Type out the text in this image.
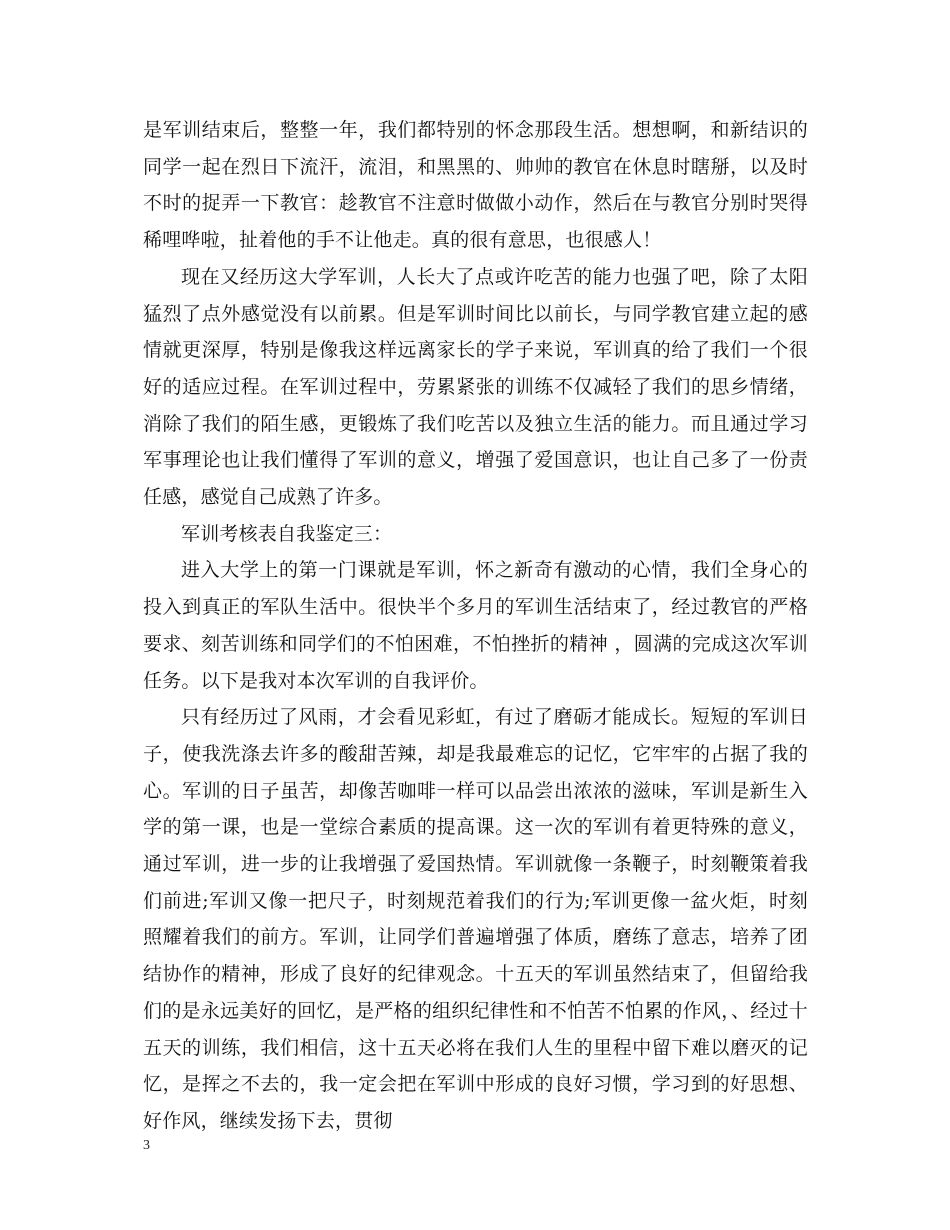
是军训结束后，整整一年，我们都特别的怀念那段生活。想想啊，和新结识的同学一起在烈日下流汗，流泪，和黑黑的、帅帅的教官在休息时瞎掰，以及时不时的捉弄一下教官：趁教官不注意时做做小动作，然后在与教官分别时哭得稀哩哗啦，扯着他的手不让他走。真的很有意思，也很感人！

现在又经历这大学军训，人长大了点或许吃苦的能力也强了吧，除了太阳猛烈了点外感觉没有以前累。但是军训时间比以前长，与同学教官建立起的感情就更深厚，特别是像我这样远离家长的学子来说，军训真的给了我们一个很好的适应过程。在军训过程中，劳累紧张的训练不仅减轻了我们的思乡情绪，消除了我们的陌生感，更锻炼了我们吃苦以及独立生活的能力。而且通过学习军事理论也让我们懂得了军训的意义，增强了爱国意识，也让自己多了一份责任感，感觉自己成熟了许多。

军训考核表自我鉴定三：

进入大学上的第一门课就是军训，怀之新奇有激动的心情，我们全身心的投入到真正的军队生活中。很快半个多月的军训生活结束了，经过教官的严格要求、刻苦训练和同学们的不怕困难，不怕挫折的精神 ，圆满的完成这次军训任务。以下是我对本次军训的自我评价。

只有经历过了风雨，才会看见彩虹，有过了磨砺才能成长。短短的军训日子，使我洗涤去许多的酸甜苦辣，却是我最难忘的记忆，它牢牢的占据了我的心。军训的日子虽苦，却像苦咖啡一样可以品尝出浓浓的滋味，军训是新生入学的第一课，也是一堂综合素质的提高课。这一次的军训有着更特殊的意义，通过军训，进一步的让我增强了爱国热情。军训就像一条鞭子，时刻鞭策着我们前进;军训又像一把尺子，时刻规范着我们的行为;军训更像一盆火炬，时刻照耀着我们的前方。军训，让同学们普遍增强了体质，磨练了意志，培养了团结协作的精神，形成了良好的纪律观念。十五天的军训虽然结束了，但留给我们的是永远美好的回忆，是严格的组织纪律性和不怕苦不怕累的作风，、经过十五天的训练，我们相信，这十五天必将在我们人生的里程中留下难以磨灭的记忆，是挥之不去的，我一定会把在军训中形成的良好习惯，学习到的好思想、好作风，继续发扬下去，贯彻

3
